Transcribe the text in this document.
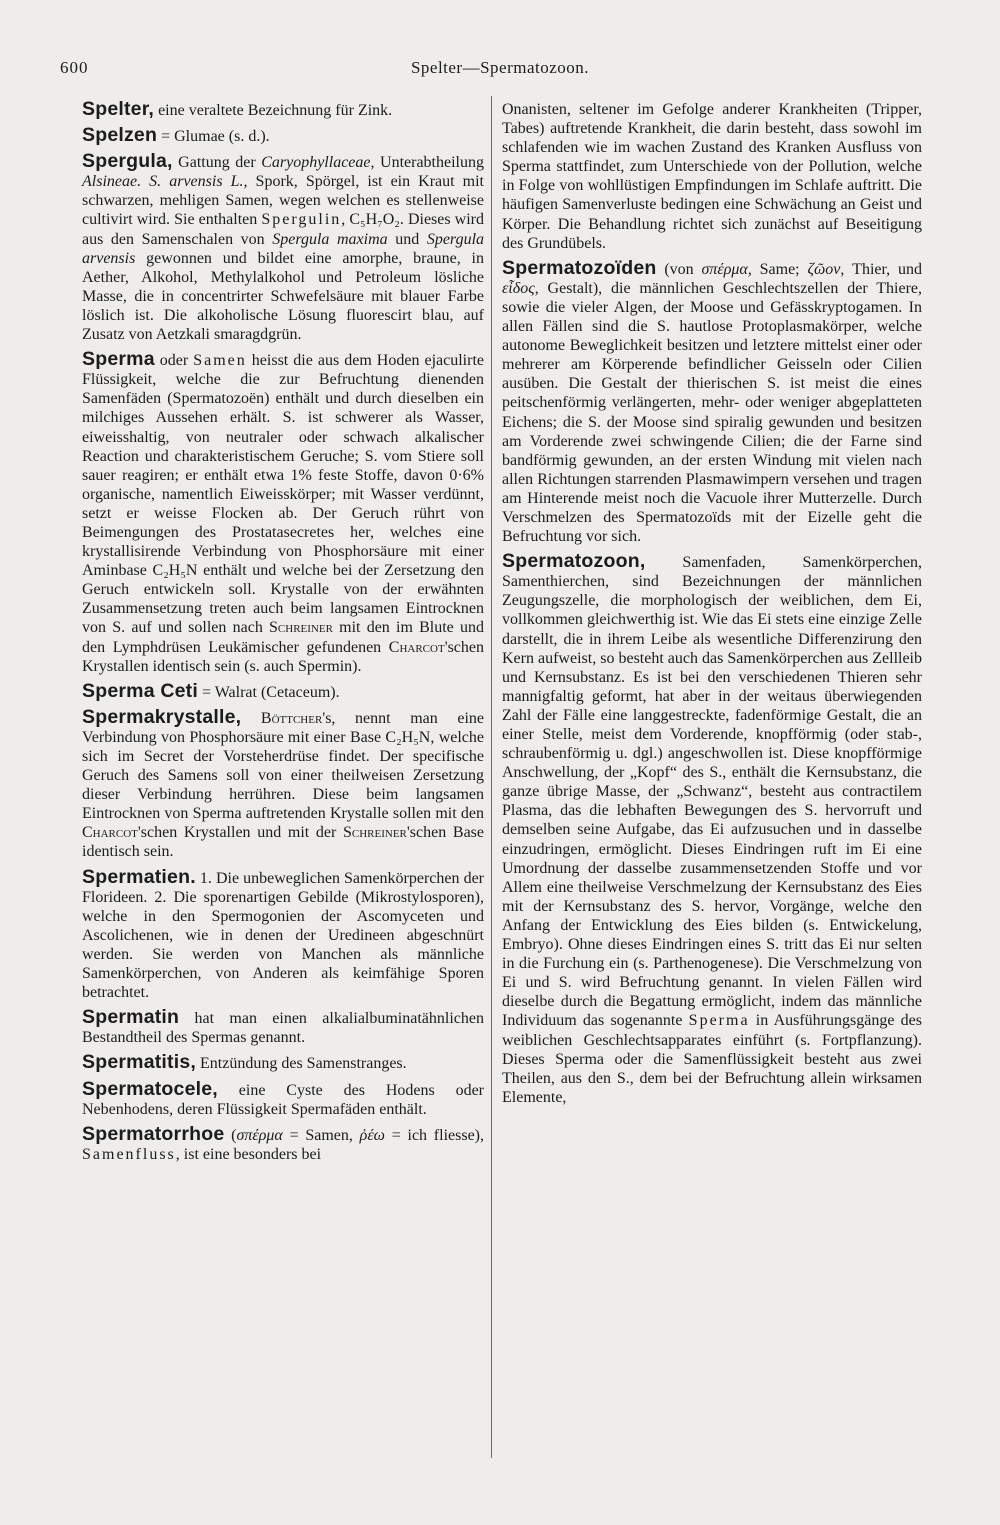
600	Spelter—Spermatozoon.

Spelter, eine veraltete Bezeichnung für Zink.

Spelzen = Glumae (s. d.).

Spergula, Gattung der Caryophyllaceae, Unterabtheilung Alsineae. S. arvensis L., Spork, Spörgel, ist ein Kraut mit schwarzen, mehligen Samen, wegen welchen es stellenweise cultivirt wird. Sie enthalten Spergulin, C₅H₇O₂. Dieses wird aus den Samenschalen von Spergula maxima und Spergula arvensis gewonnen und bildet eine amorphe, braune, in Aether, Alkohol, Methylalkohol und Petroleum lösliche Masse, die in concentrirter Schwefelsäure mit blauer Farbe löslich ist. Die alkoholische Lösung fluorescirt blau, auf Zusatz von Aetzkali smaragdgrün.

Sperma oder Samen heisst die aus dem Hoden ejaculirte Flüssigkeit, welche die zur Befruchtung dienenden Samenfäden (Spermatozoën) enthält und durch dieselben ein milchiges Aussehen erhält. S. ist schwerer als Wasser, eiweisshaltig, von neutraler oder schwach alkalischer Reaction und charakteristischem Geruche; S. vom Stiere soll sauer reagiren; er enthält etwa 1% feste Stoffe, davon 0·6% organische, namentlich Eiweisskörper; mit Wasser verdünnt, setzt er weisse Flocken ab. Der Geruch rührt von Beimengungen des Prostatasecretes her, welches eine krystallisirende Verbindung von Phosphorsäure mit einer Aminbase C₂H₅N enthält und welche bei der Zersetzung den Geruch entwickeln soll. Krystalle von der erwähnten Zusammensetzung treten auch beim langsamen Eintrocknen von S. auf und sollen nach Schreiner mit den im Blute und den Lymphdrüsen Leukämischer gefundenen Charcot'schen Krystallen identisch sein (s. auch Spermin).

Sperma Ceti = Walrat (Cetaceum).

Spermakrystalle, Böttcher's, nennt man eine Verbindung von Phosphorsäure mit einer Base C₂H₅N, welche sich im Secret der Vorsteherdrüse findet. Der specifische Geruch des Samens soll von einer theilweisen Zersetzung dieser Verbindung herrühren. Diese beim langsamen Eintrocknen von Sperma auftretenden Krystalle sollen mit den Charcot'schen Krystallen und mit der Schreiner'schen Base identisch sein.

Spermatien. 1. Die unbeweglichen Samenkörperchen der Florideen. 2. Die sporenartigen Gebilde (Mikrostylosporen), welche in den Spermogonien der Ascomyceten und Ascolichenen, wie in denen der Uredineen abgeschnürt werden. Sie werden von Manchen als männliche Samenkörperchen, von Anderen als keimfähige Sporen betrachtet.

Spermatin hat man einen alkalialbuminatähnlichen Bestandtheil des Spermas genannt.

Spermatitis, Entzündung des Samenstranges.

Spermatocele, eine Cyste des Hodens oder Nebenhodens, deren Flüssigkeit Spermafäden enthält.

Spermatorrhoe (σπέρμα = Samen, ῥέω = ich fliesse), Samenfluss, ist eine besonders bei

Onanisten, seltener im Gefolge anderer Krankheiten (Tripper, Tabes) auftretende Krankheit, die darin besteht, dass sowohl im schlafenden wie im wachen Zustand des Kranken Ausfluss von Sperma stattfindet, zum Unterschiede von der Pollution, welche in Folge von wohllüstigen Empfindungen im Schlafe auftritt. Die häufigen Samenverluste bedingen eine Schwächung an Geist und Körper. Die Behandlung richtet sich zunächst auf Beseitigung des Grundübels.

Spermatozoïden (von σπέρμα, Same; ζῶον, Thier, und εἶδος, Gestalt), die männlichen Geschlechtszellen der Thiere, sowie die vieler Algen, der Moose und Gefässkryptogamen. In allen Fällen sind die S. hautlose Protoplasmakörper, welche autonome Beweglichkeit besitzen und letztere mittelst einer oder mehrerer am Körperende befindlicher Geisseln oder Cilien ausüben. Die Gestalt der thierischen S. ist meist die eines peitschenförmig verlängerten, mehr- oder weniger abgeplatteten Eichens; die S. der Moose sind spiralig gewunden und besitzen am Vorderende zwei schwingende Cilien; die der Farne sind bandförmig gewunden, an der ersten Windung mit vielen nach allen Richtungen starrenden Plasmawimpern versehen und tragen am Hinterende meist noch die Vacuole ihrer Mutterzelle. Durch Verschmelzen des Spermatozoïds mit der Eizelle geht die Befruchtung vor sich.

Spermatozoon, Samenfaden, Samenkörperchen, Samenthierchen, sind Bezeichnungen der männlichen Zeugungszelle, die morphologisch der weiblichen, dem Ei, vollkommen gleichwerthig ist. Wie das Ei stets eine einzige Zelle darstellt, die in ihrem Leibe als wesentliche Differenzirung den Kern aufweist, so besteht auch das Samenkörperchen aus Zellleib und Kernsubstanz. Es ist bei den verschiedenen Thieren sehr mannigfaltig geformt, hat aber in der weitaus überwiegenden Zahl der Fälle eine langgestreckte, fadenförmige Gestalt, die an einer Stelle, meist dem Vorderende, knopfförmig (oder stab-, schraubenförmig u. dgl.) angeschwollen ist. Diese knopfförmige Anschwellung, der „Kopf“ des S., enthält die Kernsubstanz, die ganze übrige Masse, der „Schwanz“, besteht aus contractilem Plasma, das die lebhaften Bewegungen des S. hervorruft und demselben seine Aufgabe, das Ei aufzusuchen und in dasselbe einzudringen, ermöglicht. Dieses Eindringen ruft im Ei eine Umordnung der dasselbe zusammensetzenden Stoffe und vor Allem eine theilweise Verschmelzung der Kernsubstanz des Eies mit der Kernsubstanz des S. hervor, Vorgänge, welche den Anfang der Entwicklung des Eies bilden (s. Entwickelung, Embryo). Ohne dieses Eindringen eines S. tritt das Ei nur selten in die Furchung ein (s. Parthenogenese). Die Verschmelzung von Ei und S. wird Befruchtung genannt. In vielen Fällen wird dieselbe durch die Begattung ermöglicht, indem das männliche Individuum das sogenannte Sperma in Ausführungsgänge des weiblichen Geschlechtsapparates einführt (s. Fortpflanzung). Dieses Sperma oder die Samenflüssigkeit besteht aus zwei Theilen, aus den S., dem bei der Befruchtung allein wirksamen Elemente,
